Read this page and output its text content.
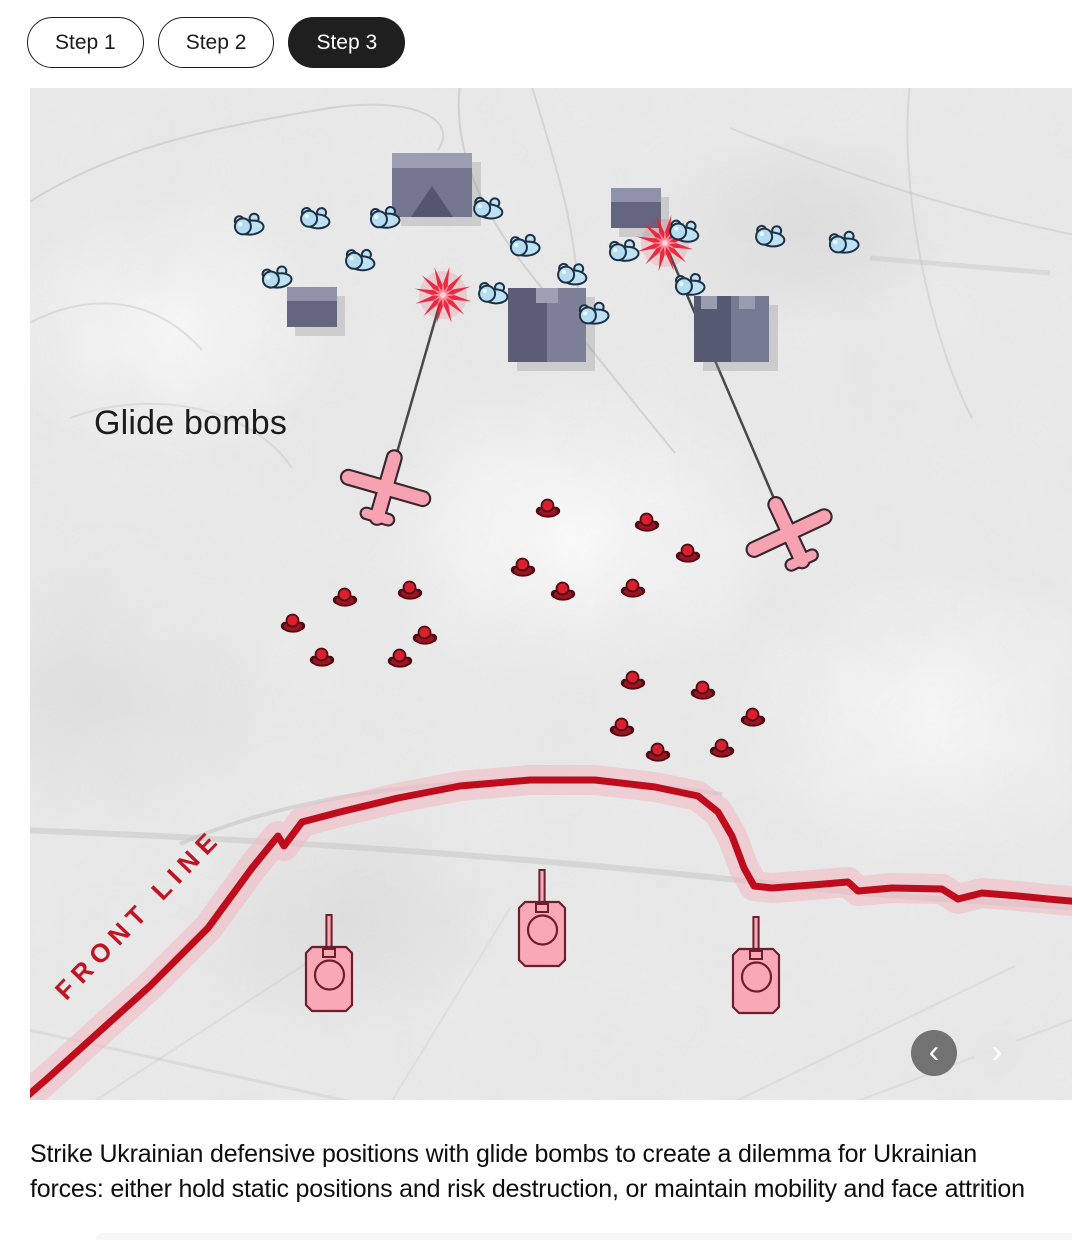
Step 1	Step 2	Step 3
Glide bombs
FRONT LINE
‹ ›

Strike Ukrainian defensive positions with glide bombs to create a dilemma for Ukrainian forces: either hold static positions and risk destruction, or maintain mobility and face attrition
